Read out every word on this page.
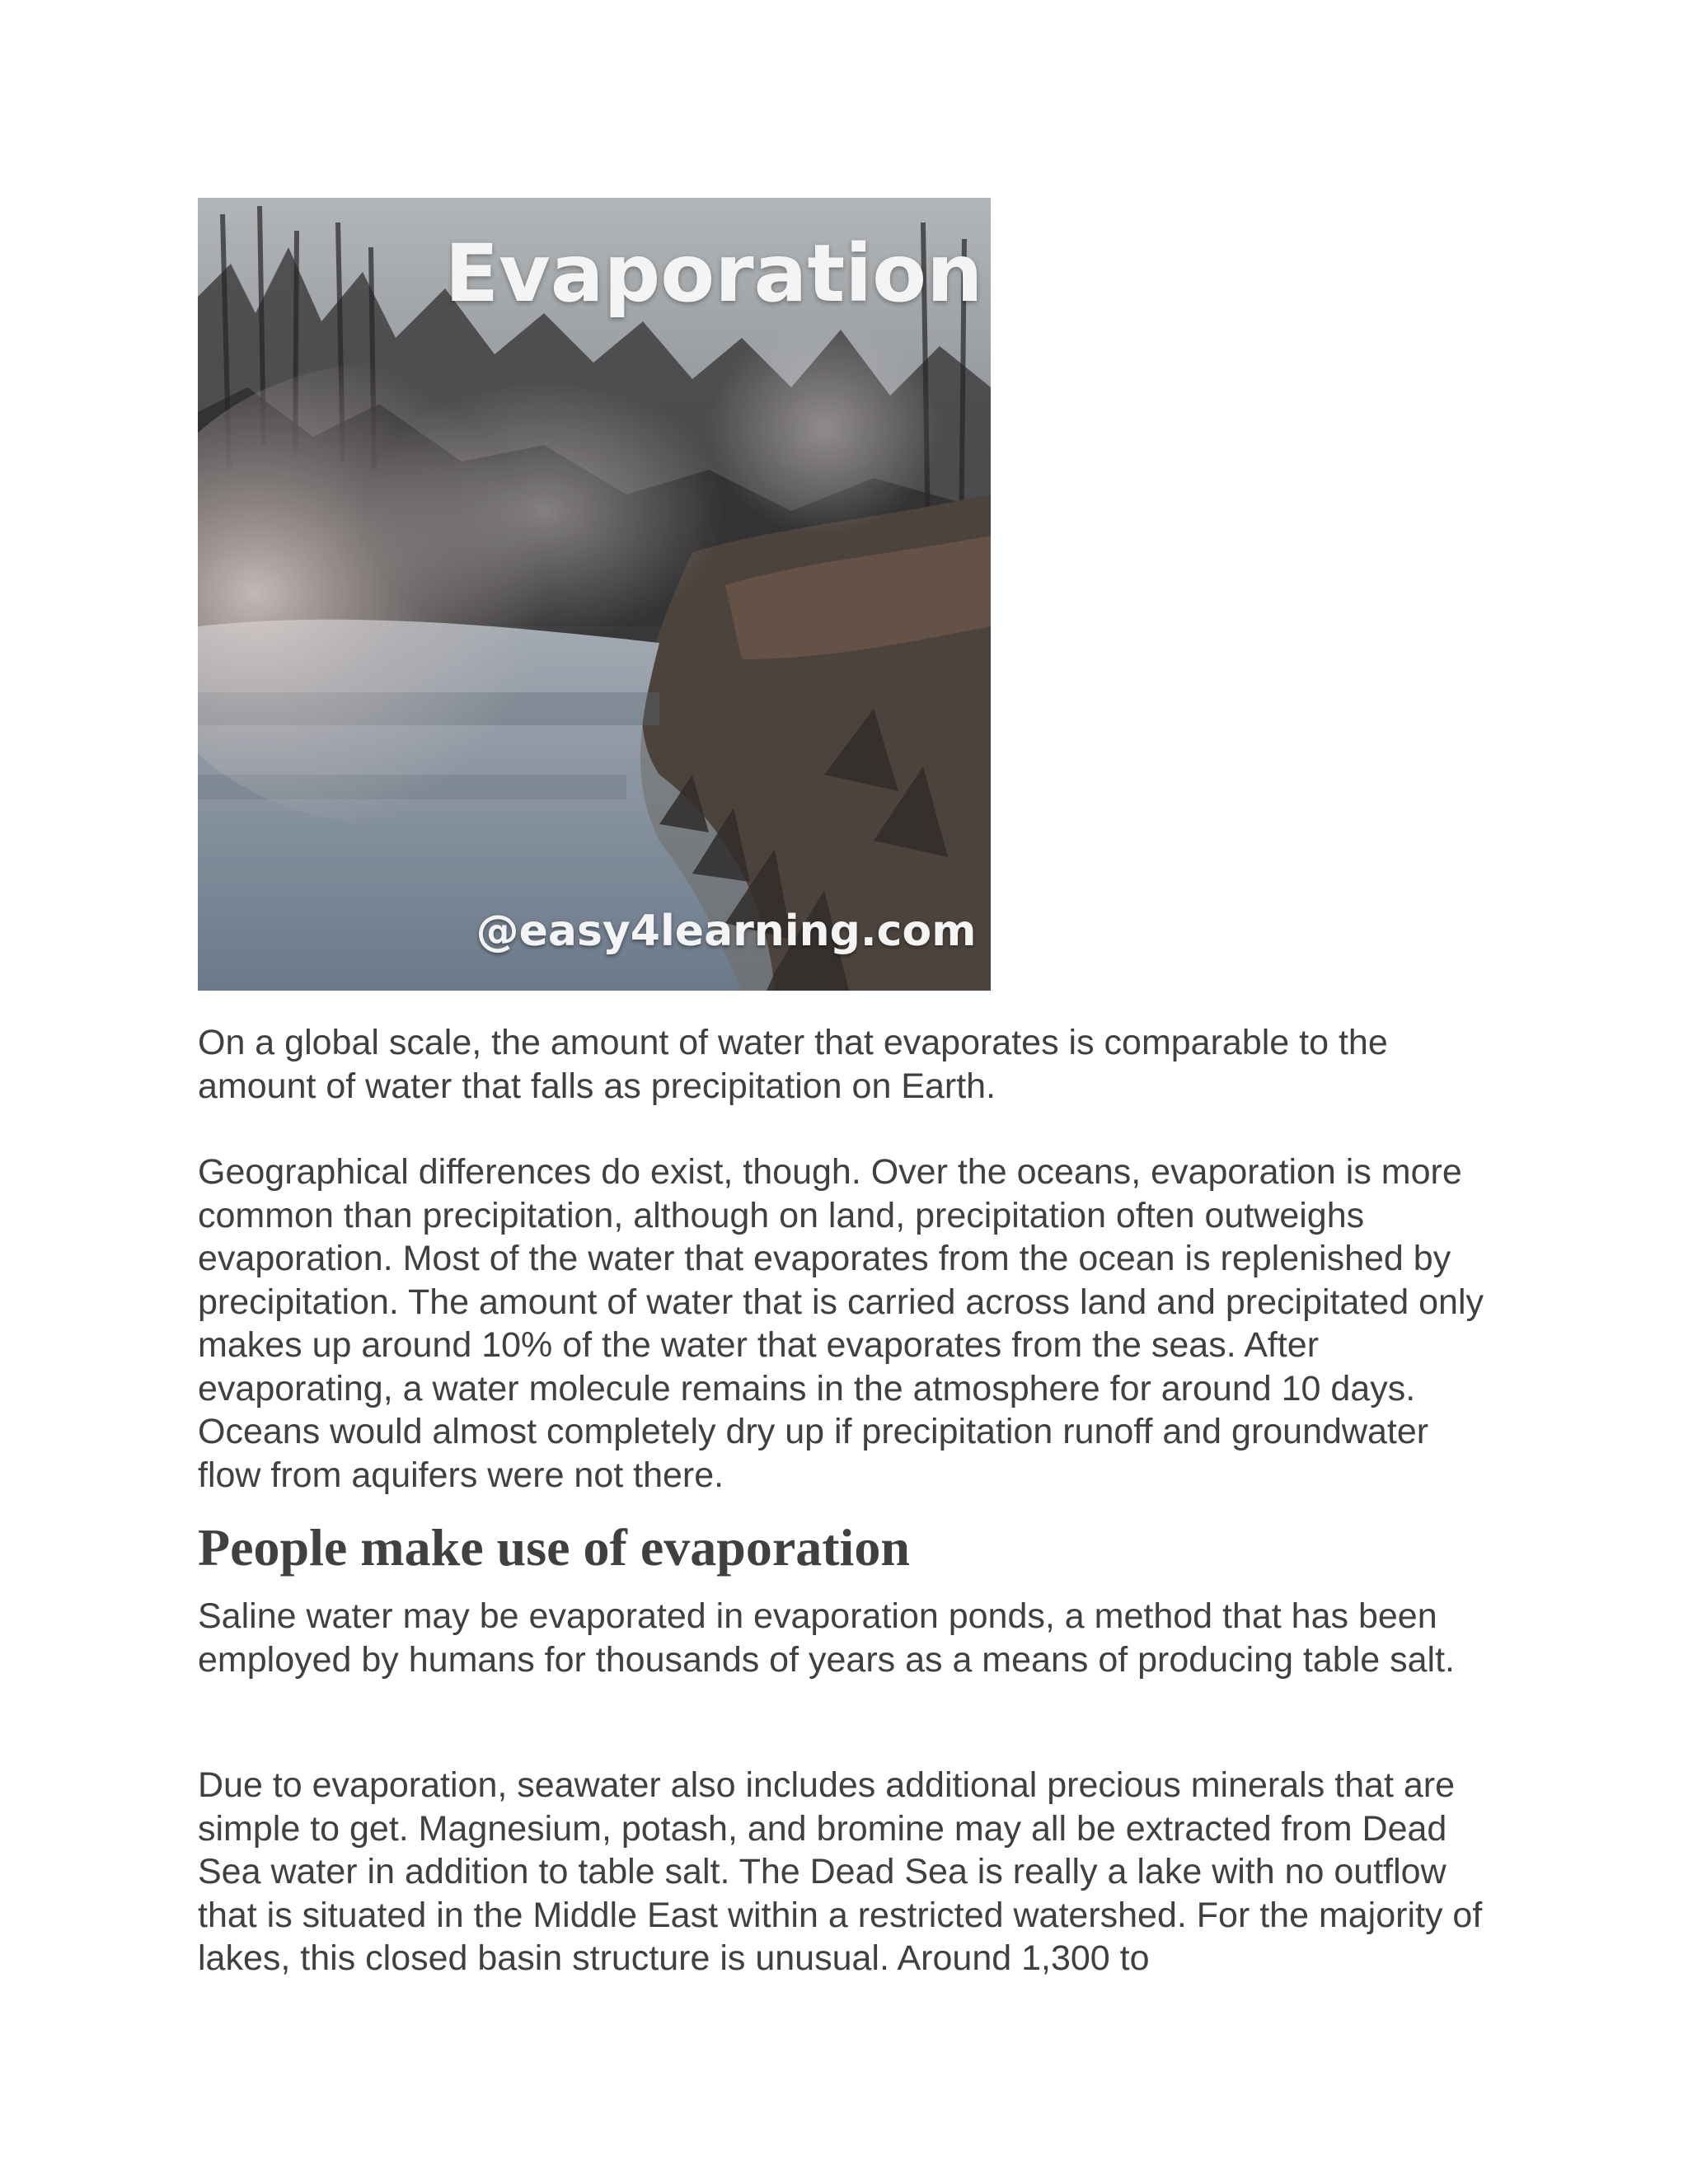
Evaporation
@easy4learning.com

On a global scale, the amount of water that evaporates is comparable to the amount of water that falls as precipitation on Earth.

Geographical differences do exist, though. Over the oceans, evaporation is more common than precipitation, although on land, precipitation often outweighs evaporation. Most of the water that evaporates from the ocean is replenished by precipitation. The amount of water that is carried across land and precipitated only makes up around 10% of the water that evaporates from the seas. After evaporating, a water molecule remains in the atmosphere for around 10 days. Oceans would almost completely dry up if precipitation runoff and groundwater flow from aquifers were not there.

People make use of evaporation

Saline water may be evaporated in evaporation ponds, a method that has been employed by humans for thousands of years as a means of producing table salt.

Due to evaporation, seawater also includes additional precious minerals that are simple to get. Magnesium, potash, and bromine may all be extracted from Dead Sea water in addition to table salt. The Dead Sea is really a lake with no outflow that is situated in the Middle East within a restricted watershed. For the majority of lakes, this closed basin structure is unusual. Around 1,300 to
